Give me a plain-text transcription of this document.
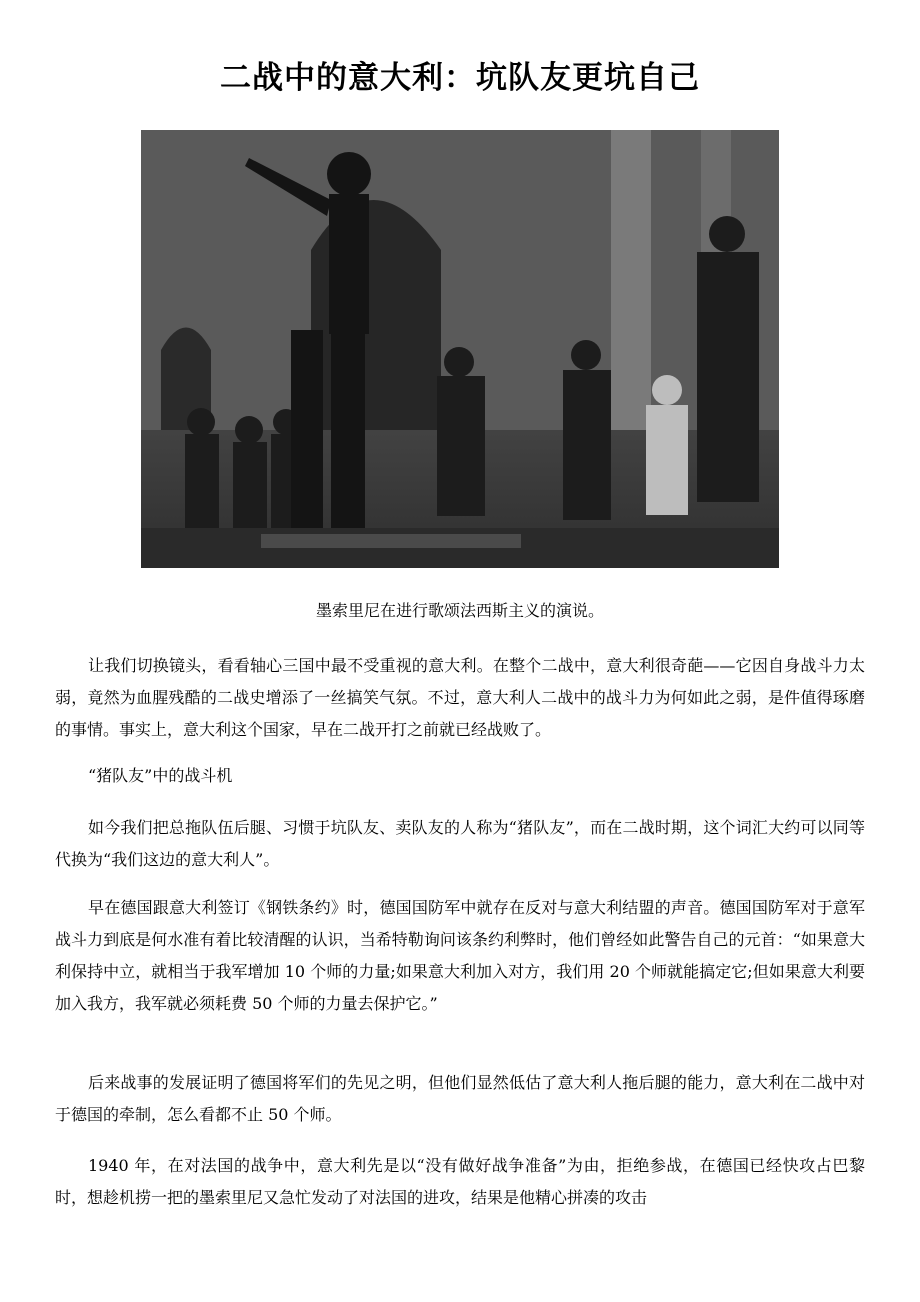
二战中的意大利：坑队友更坑自己

墨索里尼在进行歌颂法西斯主义的演说。

让我们切换镜头，看看轴心三国中最不受重视的意大利。在整个二战中，意大利很奇葩——它因自身战斗力太弱，竟然为血腥残酷的二战史增添了一丝搞笑气氛。不过，意大利人二战中的战斗力为何如此之弱，是件值得琢磨的事情。事实上，意大利这个国家，早在二战开打之前就已经战败了。

“猪队友”中的战斗机

如今我们把总拖队伍后腿、习惯于坑队友、卖队友的人称为“猪队友”，而在二战时期，这个词汇大约可以同等代换为“我们这边的意大利人”。

早在德国跟意大利签订《钢铁条约》时，德国国防军中就存在反对与意大利结盟的声音。德国国防军对于意军战斗力到底是何水准有着比较清醒的认识，当希特勒询问该条约利弊时，他们曾经如此警告自己的元首：“如果意大利保持中立，就相当于我军增加 10 个师的力量;如果意大利加入对方，我们用 20 个师就能搞定它;但如果意大利要加入我方，我军就必须耗费 50 个师的力量去保护它。”

后来战事的发展证明了德国将军们的先见之明，但他们显然低估了意大利人拖后腿的能力，意大利在二战中对于德国的牵制，怎么看都不止 50 个师。

1940 年，在对法国的战争中，意大利先是以“没有做好战争准备”为由，拒绝参战，在德国已经快攻占巴黎时，想趁机捞一把的墨索里尼又急忙发动了对法国的进攻，结果是他精心拼凑的攻击
